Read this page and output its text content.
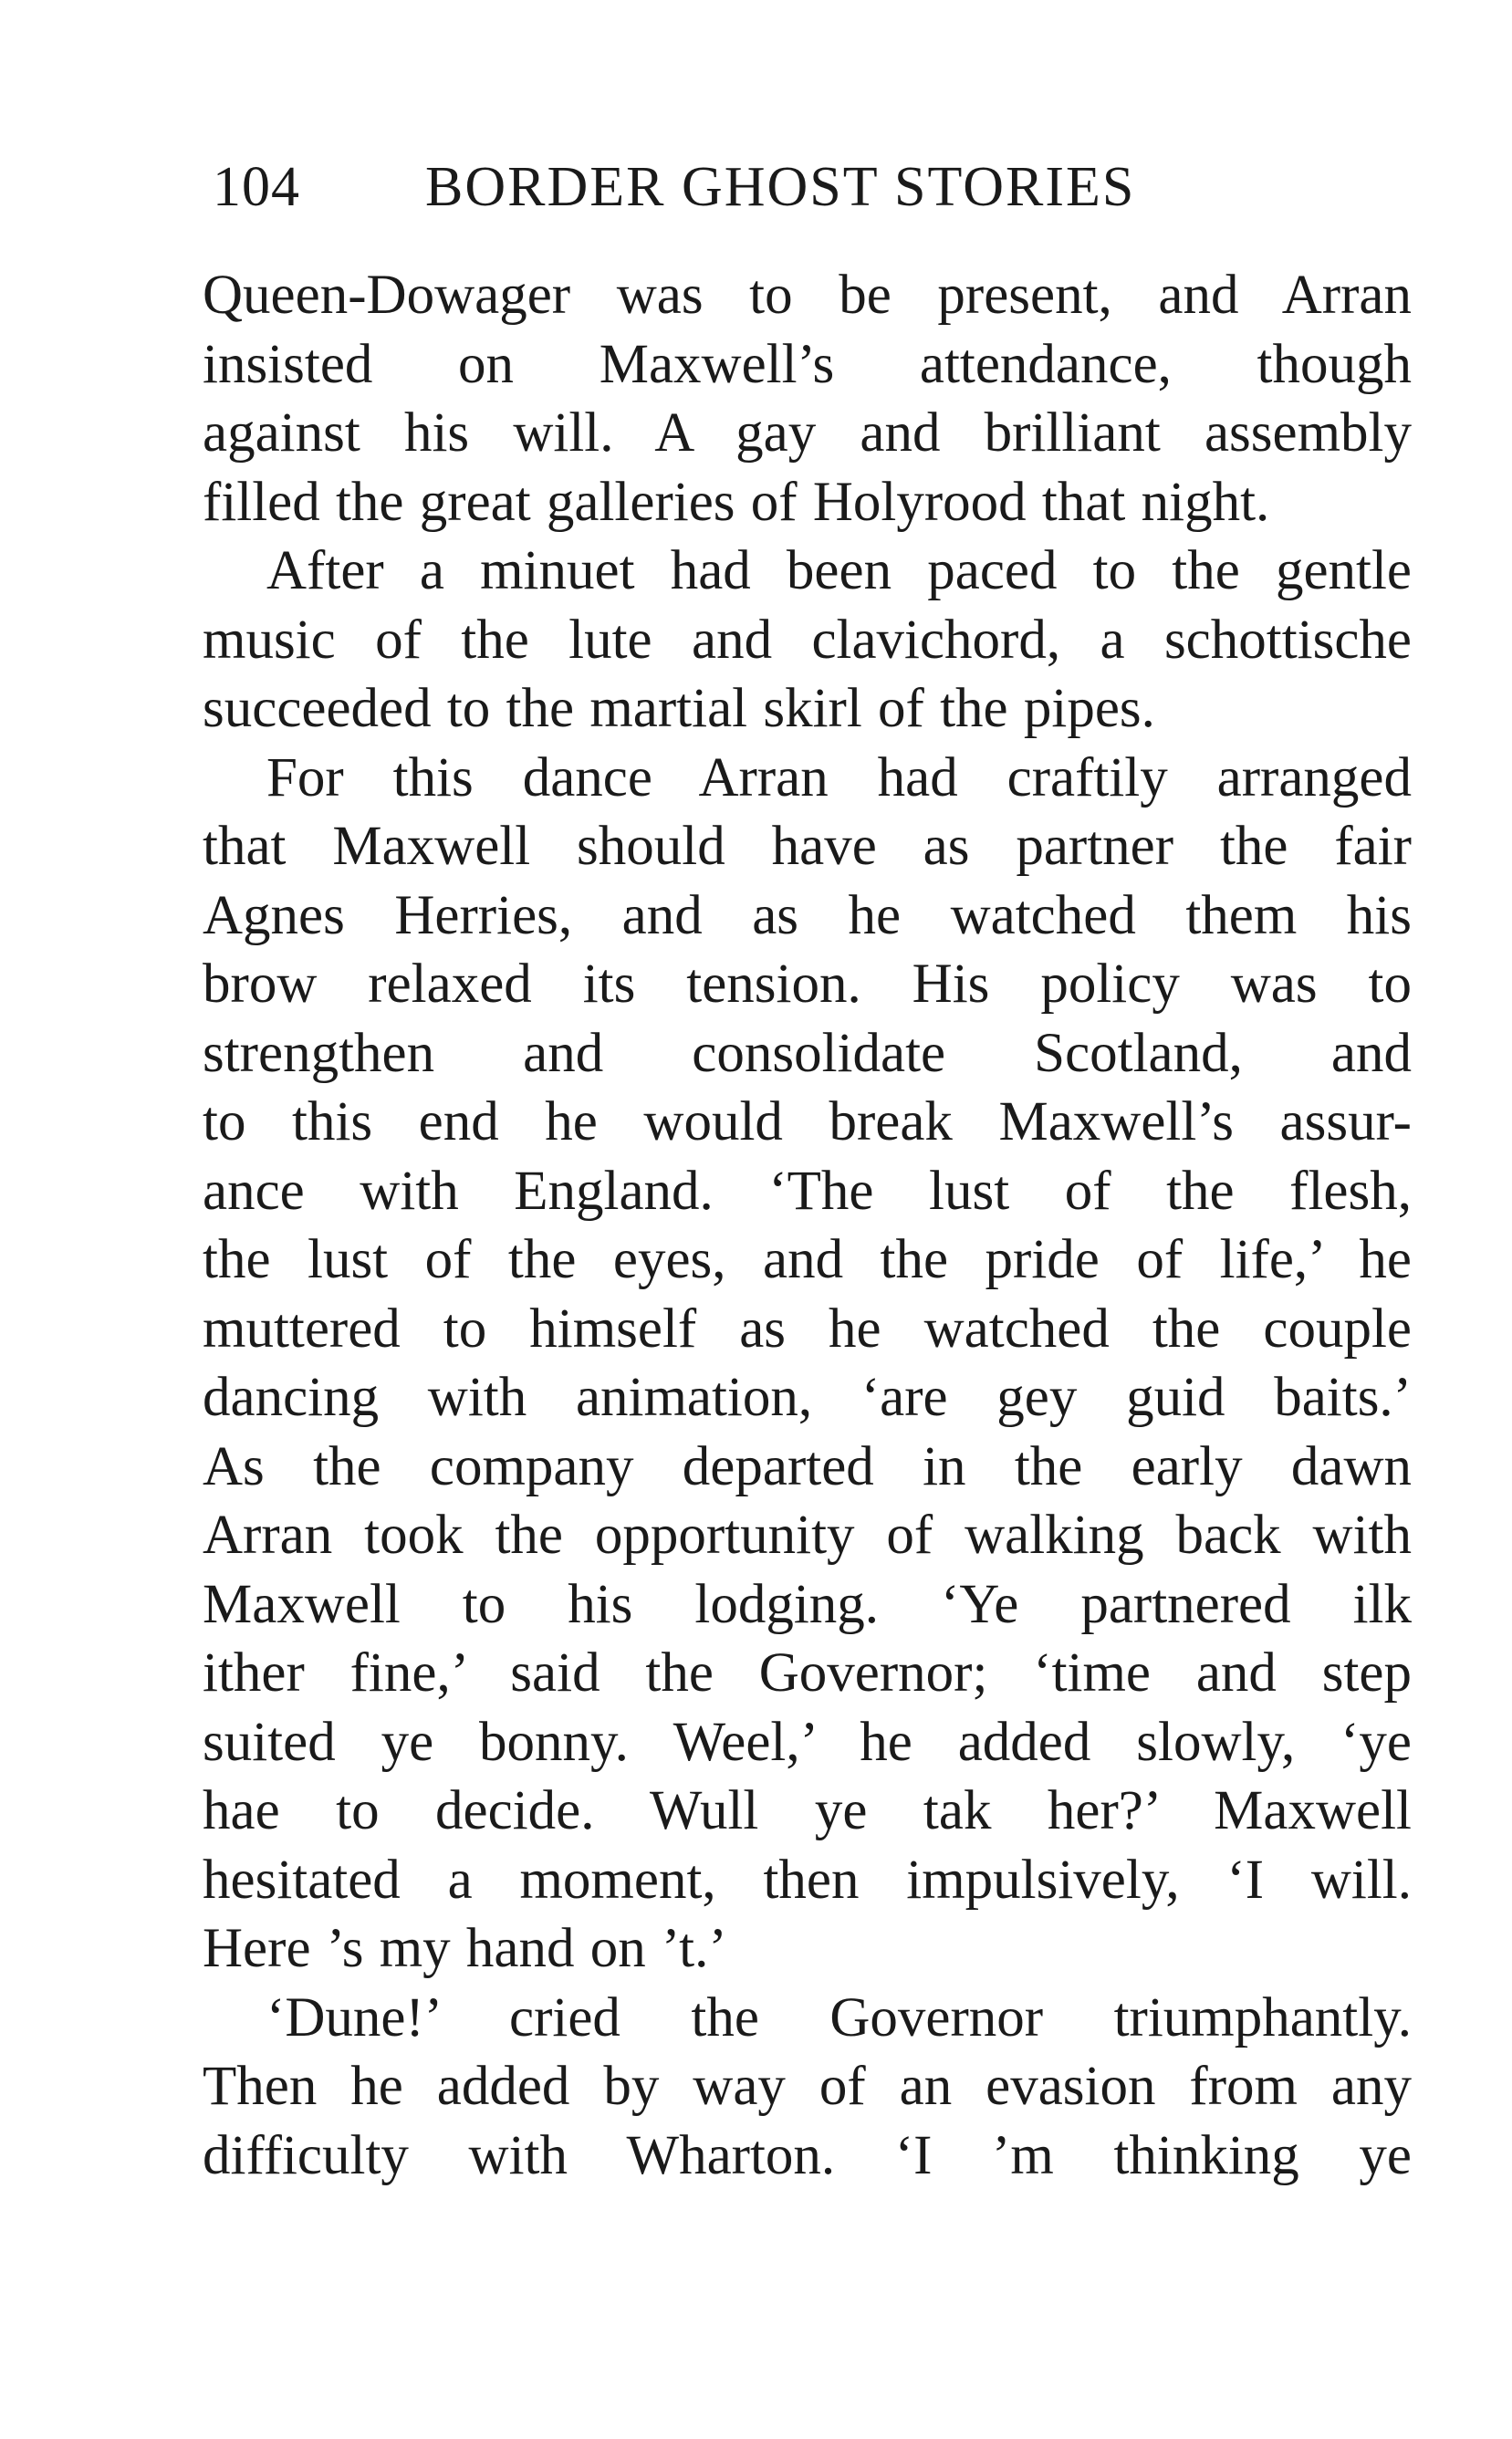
104 BORDER GHOST STORIES
Queen-Dowager was to be present, and Arran
insisted on Maxwell’s attendance, though
against his will. A gay and brilliant assembly
filled the great galleries of Holyrood that night.
After a minuet had been paced to the gentle
music of the lute and clavichord, a schottische
succeeded to the martial skirl of the pipes.
For this dance Arran had craftily arranged
that Maxwell should have as partner the fair
Agnes Herries, and as he watched them his
brow relaxed its tension. His policy was to
strengthen and consolidate Scotland, and
to this end he would break Maxwell’s assur-
ance with England. ‘The lust of the flesh,
the lust of the eyes, and the pride of life,’ he
muttered to himself as he watched the couple
dancing with animation, ‘are gey guid baits.’
As the company departed in the early dawn
Arran took the opportunity of walking back with
Maxwell to his lodging. ‘Ye partnered ilk
ither fine,’ said the Governor; ‘time and step
suited ye bonny. Weel,’ he added slowly, ‘ye
hae to decide. Wull ye tak her?’ Maxwell
hesitated a moment, then impulsively, ‘I will.
Here ’s my hand on ’t.’
‘Dune!’ cried the Governor triumphantly.
Then he added by way of an evasion from any
difficulty with Wharton. ‘I ’m thinking ye
